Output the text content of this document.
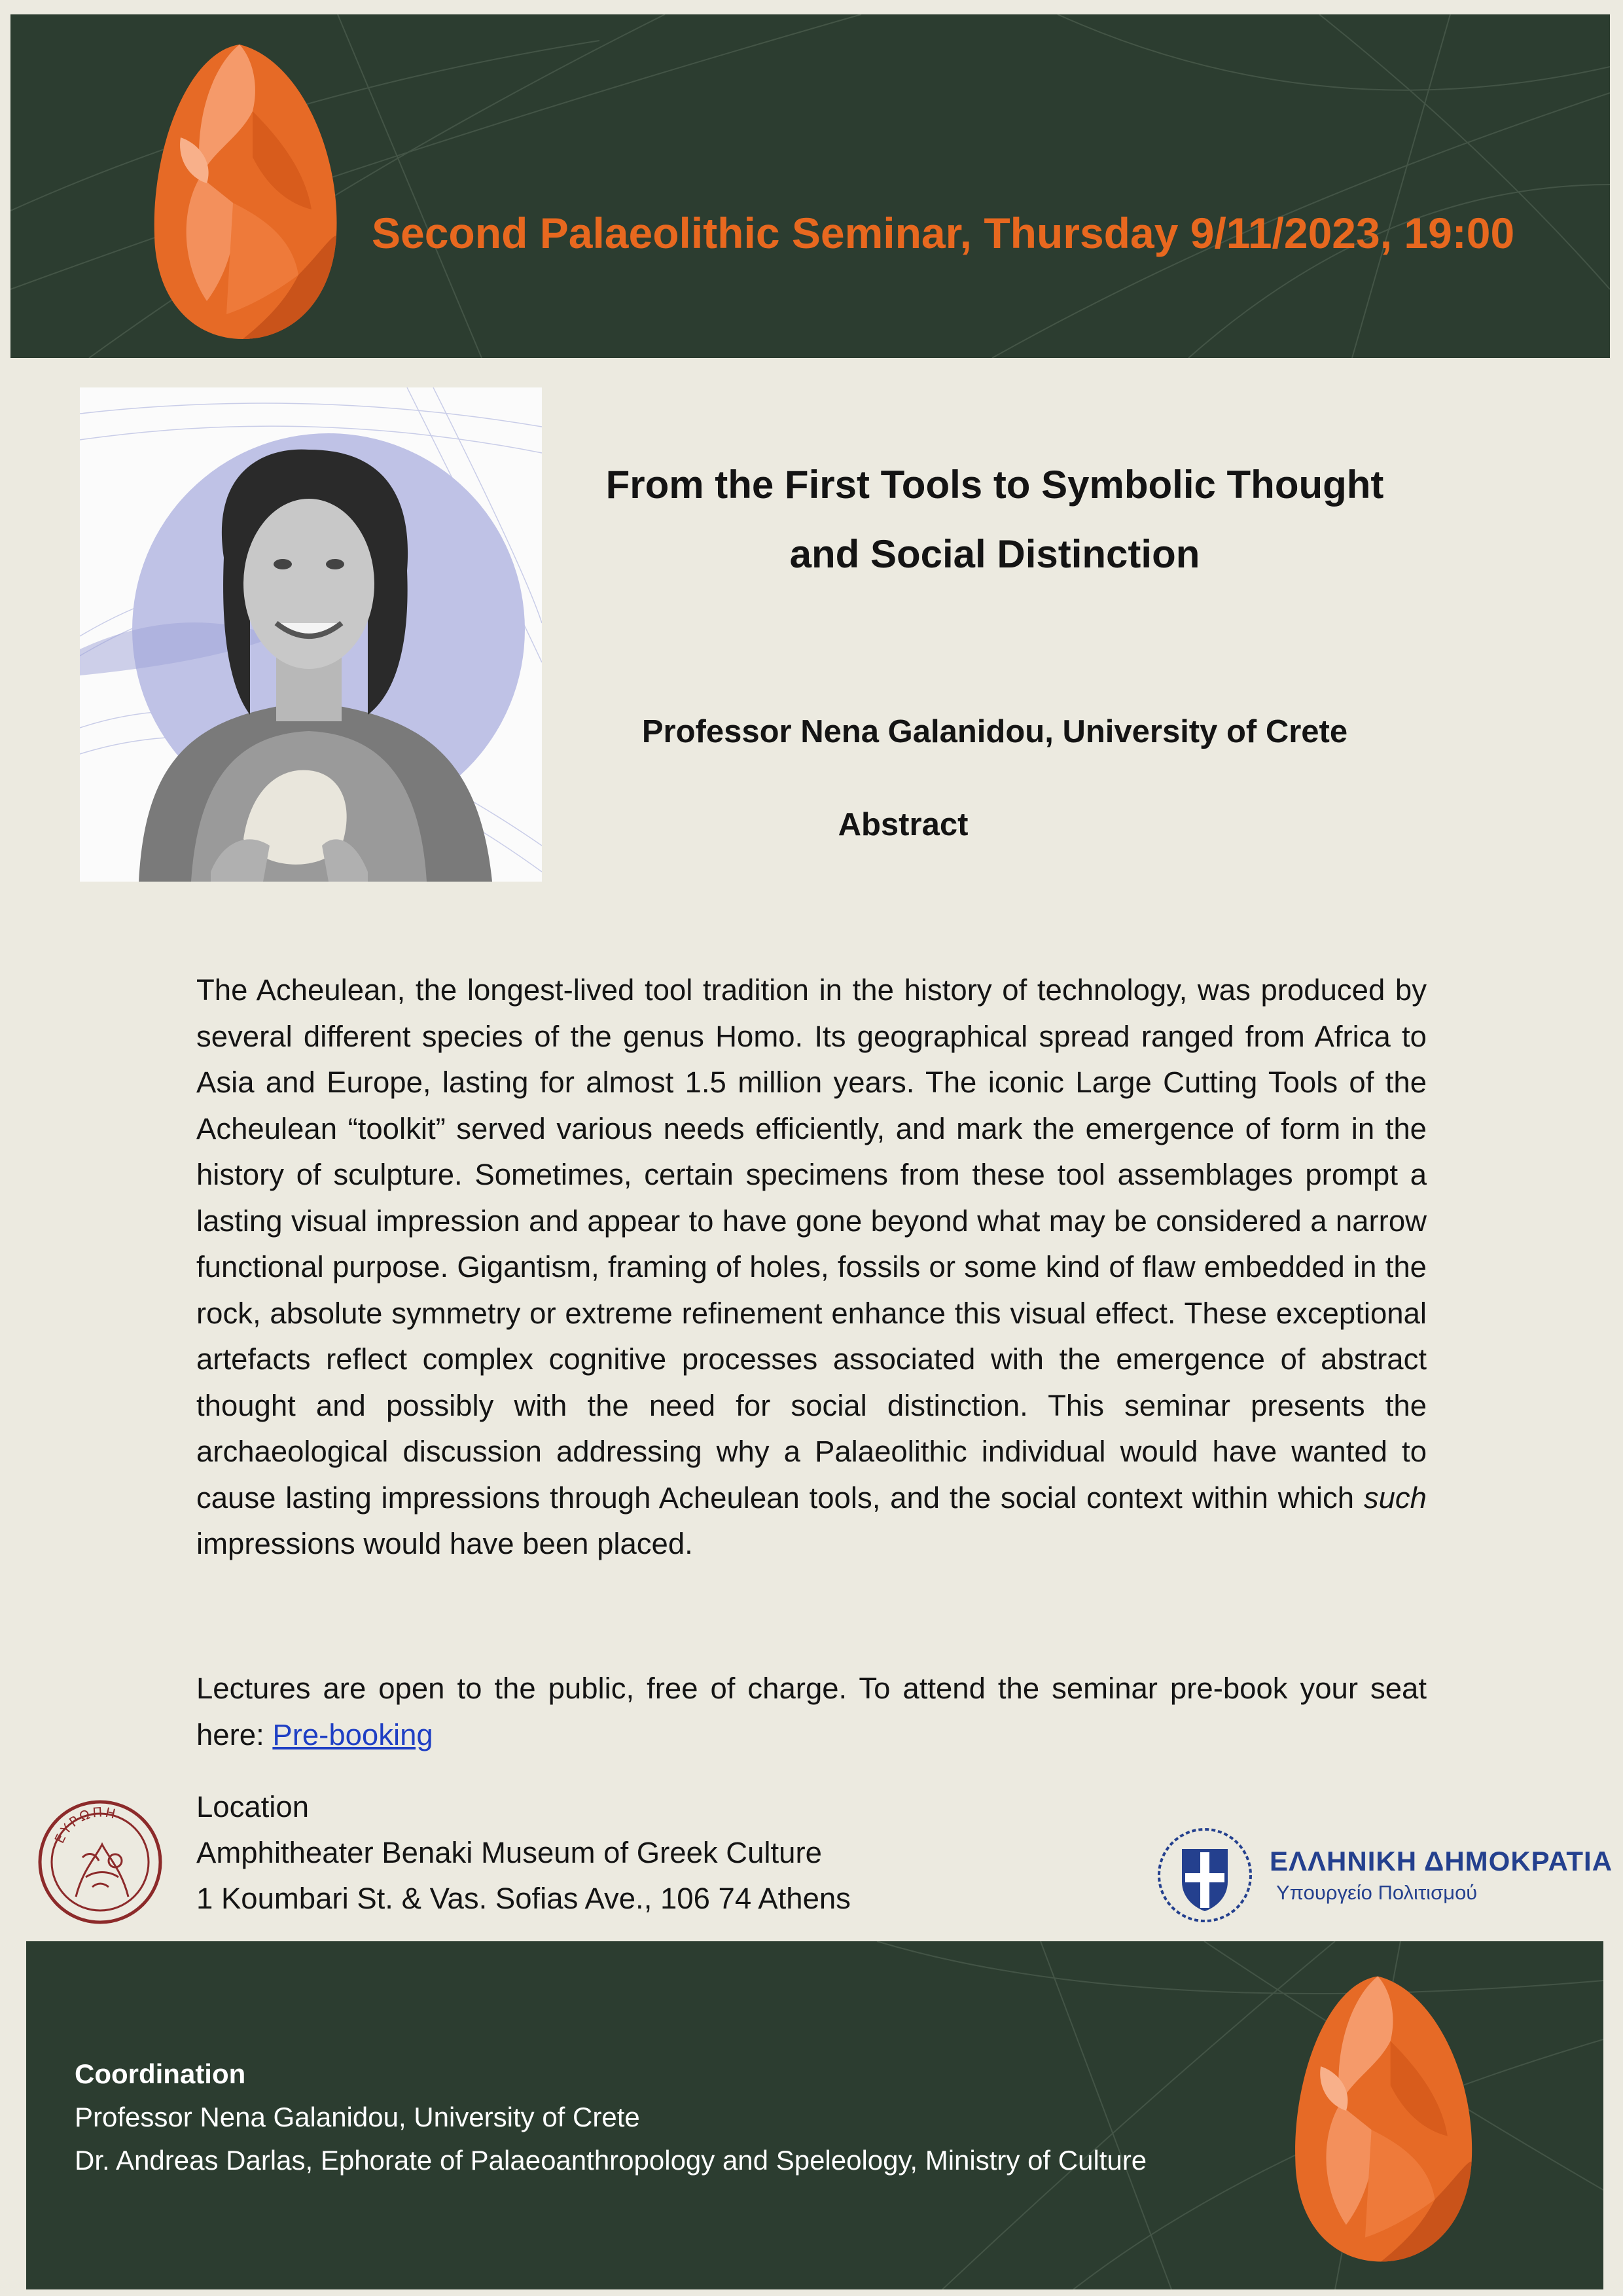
Second Palaeolithic Seminar, Thursday 9/11/2023, 19:00
From the First Tools to Symbolic Thought
and Social Distinction
Professor Nena Galanidou, University of Crete
Abstract

The Acheulean, the longest-lived tool tradition in the history of technology, was produced by several different species of the genus Homo. Its geographical spread ranged from Africa to Asia and Europe, lasting for almost 1.5 million years. The iconic Large Cutting Tools of the Acheulean “toolkit” served various needs efficiently, and mark the emergence of form in the history of sculpture. Sometimes, certain specimens from these tool assemblages prompt a lasting visual impression and appear to have gone beyond what may be considered a narrow functional purpose. Gigantism, framing of holes, fossils or some kind of flaw embedded in the rock, absolute symmetry or extreme refinement enhance this visual effect. These exceptional artefacts reflect complex cognitive processes associated with the emergence of abstract thought and possibly with the need for social distinction. This seminar presents the archaeological discussion addressing why a Palaeolithic individual would have wanted to cause lasting impressions through Acheulean tools, and the social context within which such impressions would have been placed.

Lectures are open to the public, free of charge. To attend the seminar pre-book your seat here: Pre-booking

ΕΥΡΩΠΗ	Location
Amphitheater Benaki Museum of Greek Culture
1 Koumbari St. & Vas. Sofias Ave., 106 74 Athens
ΕΛΛΗΝΙΚΗ ΔΗΜΟΚΡΑΤΙΑ
Υπουργείο Πολιτισμού
Coordination
Professor Nena Galanidou, University of Crete
Dr. Andreas Darlas, Ephorate of Palaeoanthropology and Speleology, Ministry of Culture
